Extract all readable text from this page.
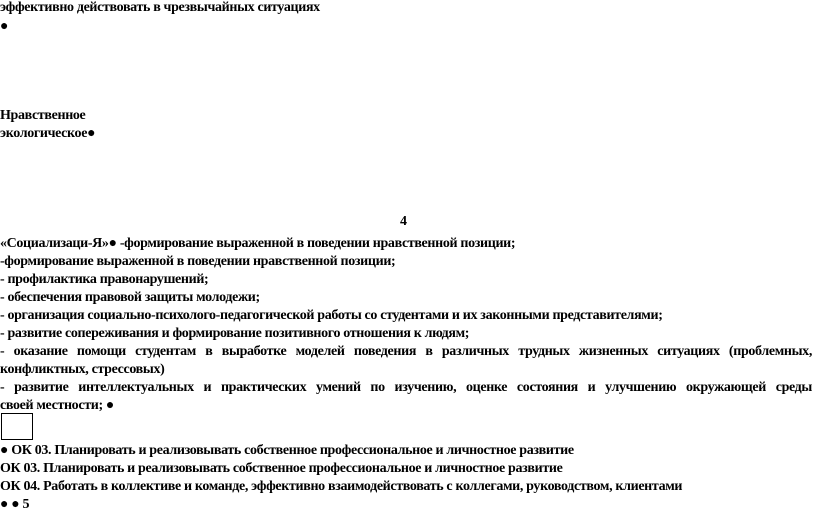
эффективно действовать в чрезвычайных ситуациях
●
Нравственное
экологическое●
4
«Социализаци-Я»● -формирование выраженной в поведении нравственной позиции;
-формирование выраженной в поведении нравственной позиции;
- профилактика правонарушений;
- обеспечения правовой защиты молодежи;
- организация социально-психолого-педагогической работы со студентами и их законными представителями;
- развитие сопереживания и формирование позитивного отношения к людям;
- оказание помощи студентам в выработке моделей поведения в различных трудных жизненных ситуациях (проблемных,
конфликтных, стрессовых)
- развитие интеллектуальных и практических умений по изучению, оценке состояния и улучшению окружающей среды
своей местности; ●
● ОК 03. Планировать и реализовывать собственное профессиональное и личностное развитие
ОК 03. Планировать и реализовывать собственное профессиональное и личностное развитие
ОК 04. Работать в коллективе и команде, эффективно взаимодействовать с коллегами, руководством, клиентами
● ● 5
